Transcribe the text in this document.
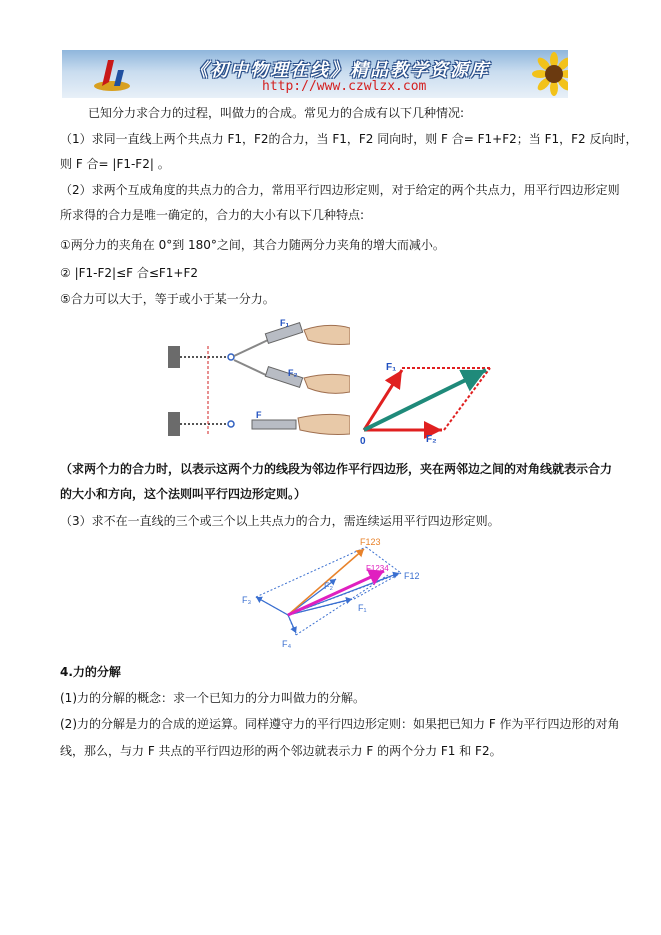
《初中物理在线》精品教学资源库
http://www.czwlzx.com
已知分力求合力的过程，叫做力的合成。常见力的合成有以下几种情况:
（1）求同一直线上两个共点力 F1，F2的合力，当 F1，F2 同向时，则 F 合= F1+F2；当 F1，F2 反向时，
则 F 合= |F1-F2| 。
（2）求两个互成角度的共点力的合力，常用平行四边形定则，对于给定的两个共点力，用平行四边形定则
所求得的合力是唯一确定的，合力的大小有以下几种特点:
①两分力的夹角在 0°到 180°之间，其合力随两分力夹角的增大而减小。
② |F1-F2|≤F 合≤F1+F2
⑤合力可以大于，等于或小于某一分力。
F₁
F₂
F
F₁
F₂
0
（求两个力的合力时，以表示这两个力的线段为邻边作平行四边形，夹在两邻边之间的对角线就表示合力
的大小和方向，这个法则叫平行四边形定则。）
（3）求不在一直线的三个或三个以上共点力的合力，需连续运用平行四边形定则。
F123
F1234
F12
F₁
F₂
F₃
F₄
4.力的分解
(1)力的分解的概念：求一个已知力的分力叫做力的分解。
(2)力的分解是力的合成的逆运算。同样遵守力的平行四边形定则：如果把已知力 F 作为平行四边形的对角
线，那么，与力 F 共点的平行四边形的两个邻边就表示力 F 的两个分力 F1 和 F2。
